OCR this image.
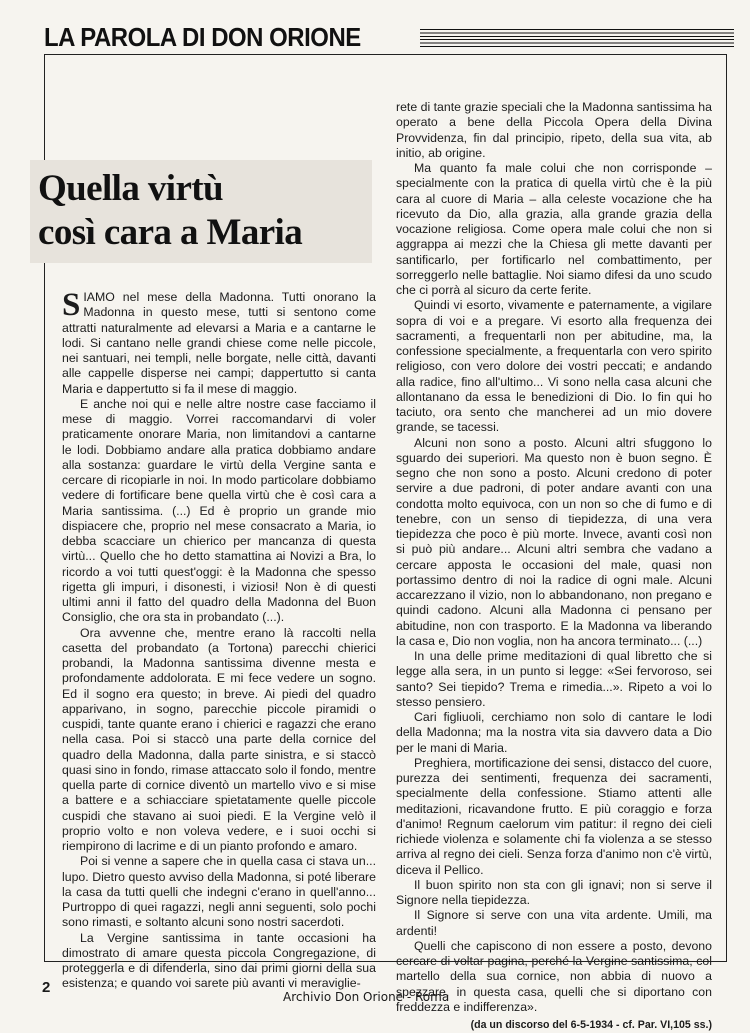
LA PAROLA DI DON ORIONE
Quella virtù
così cara a Maria

SIAMO nel mese della Madonna. Tutti onorano la Madonna in questo mese, tutti si sentono come attratti naturalmente ad elevarsi a Maria e a cantarne le lodi. Si cantano nelle grandi chiese come nelle piccole, nei santuari, nei templi, nelle borgate, nelle città, davanti alle cappelle disperse nei campi; dappertutto si canta Maria e dappertutto si fa il mese di maggio.

E anche noi qui e nelle altre nostre case facciamo il mese di maggio. Vorrei raccomandarvi di voler praticamente onorare Maria, non limitandovi a cantarne le lodi. Dobbiamo andare alla pratica dobbiamo andare alla sostanza: guardare le virtù della Vergine santa e cercare di ricopiarle in noi. In modo particolare dobbiamo vedere di fortificare bene quella virtù che è così cara a Maria santissima. (...) Ed è proprio un grande mio dispiacere che, proprio nel mese consacrato a Maria, io debba scacciare un chierico per mancanza di questa virtù... Quello che ho detto stamattina ai Novizi a Bra, lo ricordo a voi tutti quest'oggi: è la Madonna che spesso rigetta gli impuri, i disonesti, i viziosi! Non è di questi ultimi anni il fatto del quadro della Madonna del Buon Consiglio, che ora sta in probandato (...).

Ora avvenne che, mentre erano là raccolti nella casetta del probandato (a Tortona) parecchi chierici probandi, la Madonna santissima divenne mesta e profondamente addolorata. E mi fece vedere un sogno. Ed il sogno era questo; in breve. Ai piedi del quadro apparivano, in sogno, parecchie piccole piramidi o cuspidi, tante quante erano i chierici e ragazzi che erano nella casa. Poi si staccò una parte della cornice del quadro della Madonna, dalla parte sinistra, e si staccò quasi sino in fondo, rimase attaccato solo il fondo, mentre quella parte di cornice diventò un martello vivo e si mise a battere e a schiacciare spietatamente quelle piccole cuspidi che stavano ai suoi piedi. E la Vergine velò il proprio volto e non voleva vedere, e i suoi occhi si riempirono di lacrime e di un pianto profondo e amaro.

Poi si venne a sapere che in quella casa ci stava un... lupo. Dietro questo avviso della Madonna, si poté liberare la casa da tutti quelli che indegni c'erano in quell'anno... Purtroppo di quei ragazzi, negli anni seguenti, solo pochi sono rimasti, e soltanto alcuni sono nostri sacerdoti.

La Vergine santissima in tante occasioni ha dimostrato di amare questa piccola Congregazione, di proteggerla e di difenderla, sino dai primi giorni della sua esistenza; e quando voi sarete più avanti vi meraviglie-

rete di tante grazie speciali che la Madonna santissima ha operato a bene della Piccola Opera della Divina Provvidenza, fin dal principio, ripeto, della sua vita, ab initio, ab origine.

Ma quanto fa male colui che non corrisponde – specialmente con la pratica di quella virtù che è la più cara al cuore di Maria – alla celeste vocazione che ha ricevuto da Dio, alla grazia, alla grande grazia della vocazione religiosa. Come opera male colui che non si aggrappa ai mezzi che la Chiesa gli mette davanti per santificarlo, per fortificarlo nel combattimento, per sorreggerlo nelle battaglie. Noi siamo difesi da uno scudo che ci porrà al sicuro da certe ferite.

Quindi vi esorto, vivamente e paternamente, a vigilare sopra di voi e a pregare. Vi esorto alla frequenza dei sacramenti, a frequentarli non per abitudine, ma, la confessione specialmente, a frequentarla con vero spirito religioso, con vero dolore dei vostri peccati; e andando alla radice, fino all'ultimo... Vi sono nella casa alcuni che allontanano da essa le benedizioni di Dio. Io fin qui ho taciuto, ora sento che mancherei ad un mio dovere grande, se tacessi.

Alcuni non sono a posto. Alcuni altri sfuggono lo sguardo dei superiori. Ma questo non è buon segno. È segno che non sono a posto. Alcuni credono di poter servire a due padroni, di poter andare avanti con una condotta molto equivoca, con un non so che di fumo e di tenebre, con un senso di tiepidezza, di una vera tiepidezza che poco è più morte. Invece, avanti così non si può più andare... Alcuni altri sembra che vadano a cercare apposta le occasioni del male, quasi non portassimo dentro di noi la radice di ogni male. Alcuni accarezzano il vizio, non lo abbandonano, non pregano e quindi cadono. Alcuni alla Madonna ci pensano per abitudine, non con trasporto. E la Madonna va liberando la casa e, Dio non voglia, non ha ancora terminato... (...)

In una delle prime meditazioni di qual libretto che si legge alla sera, in un punto si legge: «Sei fervoroso, sei santo? Sei tiepido? Trema e rimedia...». Ripeto a voi lo stesso pensiero.

Cari figliuoli, cerchiamo non solo di cantare le lodi della Madonna; ma la nostra vita sia davvero data a Dio per le mani di Maria.

Preghiera, mortificazione dei sensi, distacco del cuore, purezza dei sentimenti, frequenza dei sacramenti, specialmente della confessione. Stiamo attenti alle meditazioni, ricavandone frutto. E più coraggio e forza d'animo! Regnum caelorum vim patitur: il regno dei cieli richiede violenza e solamente chi fa violenza a se stesso arriva al regno dei cieli. Senza forza d'animo non c'è virtù, diceva il Pellico.

Il buon spirito non sta con gli ignavi; non si serve il Signore nella tiepidezza.

Il Signore si serve con una vita ardente. Umili, ma ardenti!

Quelli che capiscono di non essere a posto, devono cercare di voltar pagina, perché la Vergine santissima, col martello della sua cornice, non abbia di nuovo a spezzare, in questa casa, quelli che si diportano con freddezza e indifferenza».

(da un discorso del 6-5-1934 - cf. Par. VI,105 ss.)
2
Archivio Don Orione - Roma
